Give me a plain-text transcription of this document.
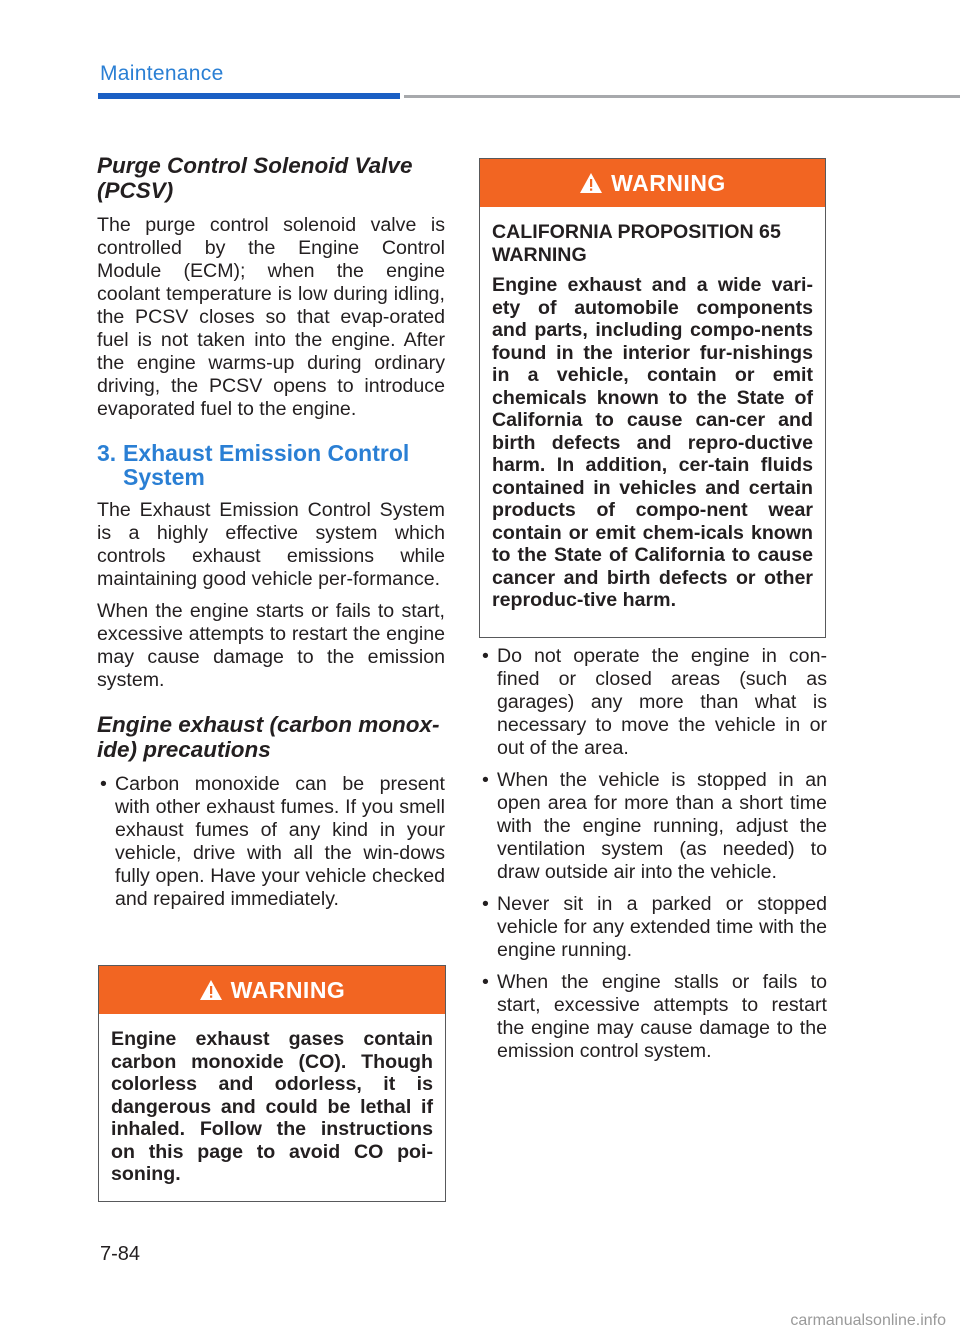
Maintenance
Purge Control Solenoid Valve (PCSV)

The purge control solenoid valve is controlled by the Engine Control Module (ECM); when the engine coolant temperature is low during idling, the PCSV closes so that evap-orated fuel is not taken into the engine. After the engine warms-up during ordinary driving, the PCSV opens to introduce evaporated fuel to the engine.

3. Exhaust Emission Control
System

The Exhaust Emission Control System is a highly effective system which controls exhaust emissions while maintaining good vehicle per-formance.

When the engine starts or fails to start, excessive attempts to restart the engine may cause damage to the emission system.

Engine exhaust (carbon monox-ide) precautions
• Carbon monoxide can be present with other exhaust fumes. If you smell exhaust fumes of any kind in your vehicle, drive with all the win-dows fully open. Have your vehicle checked and repaired immediately.
WARNING

Engine exhaust gases contain carbon monoxide (CO). Though colorless and odorless, it is dangerous and could be lethal if inhaled. Follow the instructions on this page to avoid CO poi-soning.

WARNING

CALIFORNIA PROPOSITION 65 WARNING

Engine exhaust and a wide vari-ety of automobile components and parts, including compo-nents found in the interior fur-nishings in a vehicle, contain or emit chemicals known to the State of California to cause can-cer and birth defects and repro-ductive harm. In addition, cer-tain fluids contained in vehicles and certain products of compo-nent wear contain or emit chem-icals known to the State of California to cause cancer and birth defects or other reproduc-tive harm.

• Do not operate the engine in con-fined or closed areas (such as garages) any more than what is necessary to move the vehicle in or out of the area.
• When the vehicle is stopped in an open area for more than a short time with the engine running, adjust the ventilation system (as needed) to draw outside air into the vehicle.
• Never sit in a parked or stopped vehicle for any extended time with the engine running.
• When the engine stalls or fails to start, excessive attempts to restart the engine may cause damage to the emission control system.
7-84
carmanualsonline.info
